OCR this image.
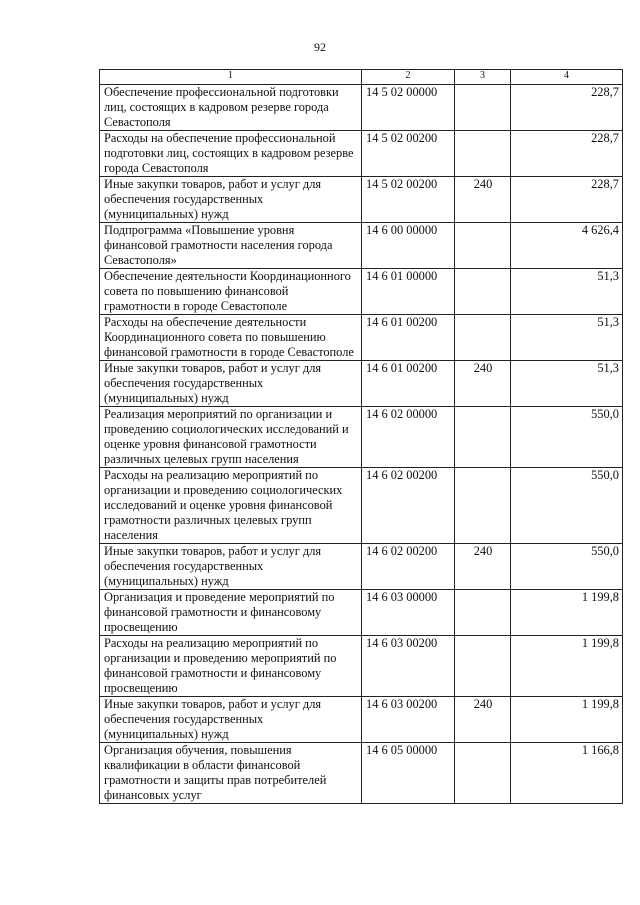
92
1	2	3	4
Обеспечение профессиональной подготовки лиц, состоящих в кадровом резерве города Севастополя	14 5 02 00000		228,7
Расходы на обеспечение профессиональной подготовки лиц, состоящих в кадровом резерве города Севастополя	14 5 02 00200		228,7
Иные закупки товаров, работ и услуг для обеспечения государственных (муниципальных) нужд	14 5 02 00200	240	228,7
Подпрограмма «Повышение уровня финансовой грамотности населения города Севастополя»	14 6 00 00000		4 626,4
Обеспечение деятельности Координационного совета по повышению финансовой грамотности в городе Севастополе	14 6 01 00000		51,3
Расходы на обеспечение деятельности Координационного совета по повышению финансовой грамотности в городе Севастополе	14 6 01 00200		51,3
Иные закупки товаров, работ и услуг для обеспечения государственных (муниципальных) нужд	14 6 01 00200	240	51,3
Реализация мероприятий по организации и проведению социологических исследований и оценке уровня финансовой грамотности различных целевых групп населения	14 6 02 00000		550,0
Расходы на реализацию мероприятий по организации и проведению социологических исследований и оценке уровня финансовой грамотности различных целевых групп населения	14 6 02 00200		550,0
Иные закупки товаров, работ и услуг для обеспечения государственных (муниципальных) нужд	14 6 02 00200	240	550,0
Организация и проведение мероприятий по финансовой грамотности и финансовому просвещению	14 6 03 00000		1 199,8
Расходы на реализацию мероприятий по организации и проведению мероприятий по финансовой грамотности и финансовому просвещению	14 6 03 00200		1 199,8
Иные закупки товаров, работ и услуг для обеспечения государственных (муниципальных) нужд	14 6 03 00200	240	1 199,8
Организация обучения, повышения квалификации в области финансовой грамотности и защиты прав потребителей финансовых услуг	14 6 05 00000		1 166,8
